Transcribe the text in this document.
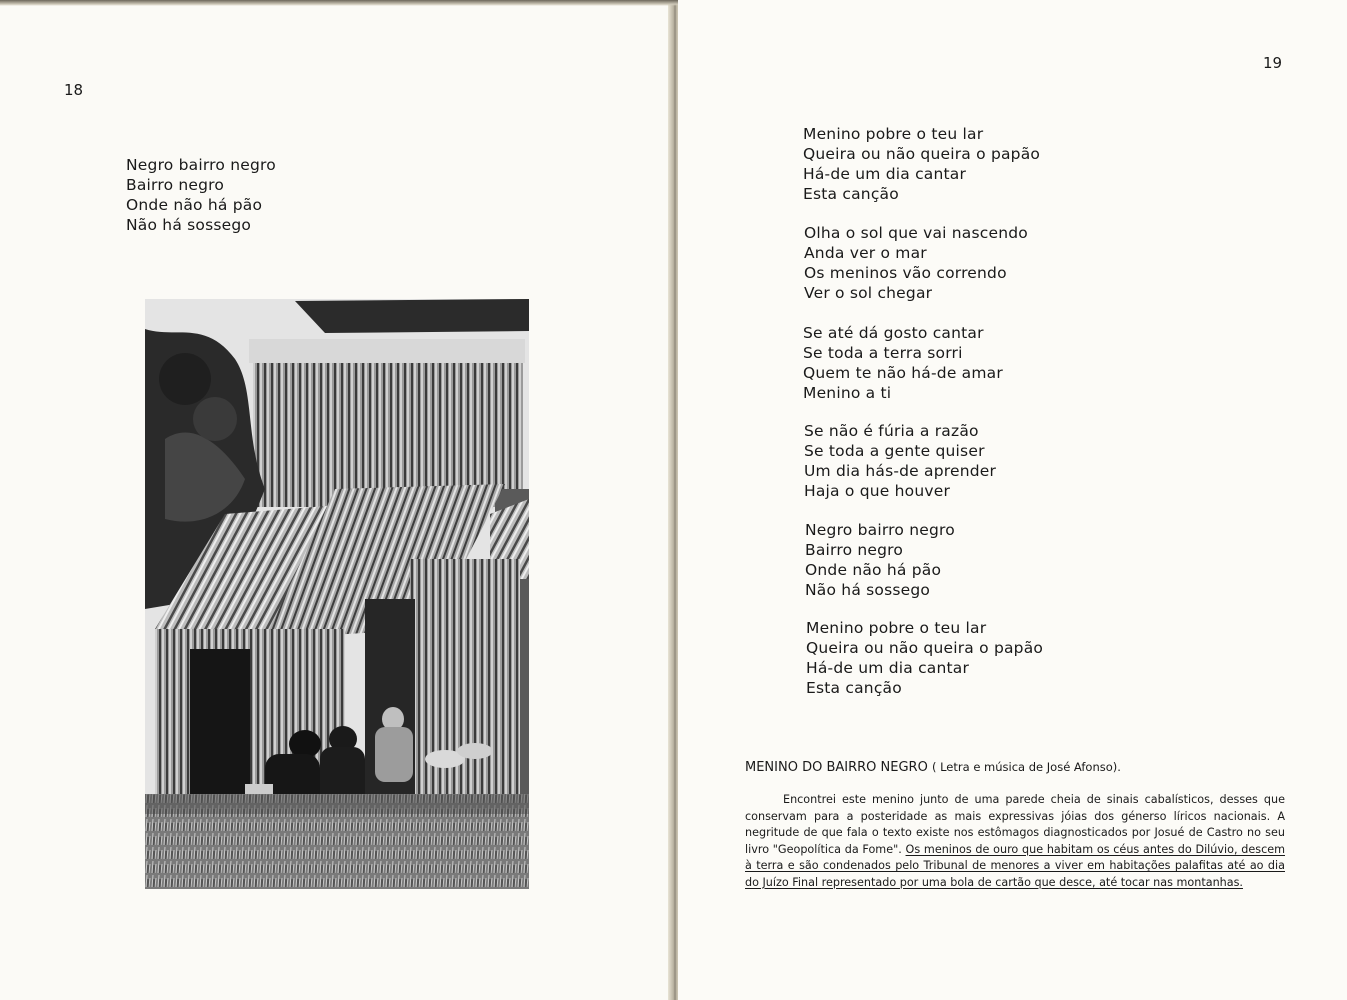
18
Negro bairro negro
Bairro negro
Onde não há pão
Não há sossego
19
Menino pobre o teu lar
Queira ou não queira o papão
Há-de um dia cantar
Esta canção
Olha o sol que vai nascendo
Anda ver o mar
Os meninos vão correndo
Ver o sol chegar
Se até dá gosto cantar
Se toda a terra sorri
Quem te não há-de amar
Menino a ti
Se não é fúria a razão
Se toda a gente quiser
Um dia hás-de aprender
Haja o que houver
Negro bairro negro
Bairro negro
Onde não há pão
Não há sossego
Menino pobre o teu lar
Queira ou não queira o papão
Há-de um dia cantar
Esta canção
MENINO DO BAIRRO NEGRO ( Letra e música de José Afonso).

Encontrei este menino junto de uma parede cheia de sinais cabalísticos, desses que conservam para a posteridade as mais expressivas jóias dos génerso líricos nacionais. A negritude de que fala o texto existe nos estômagos diagnosticados por Josué de Castro no seu livro "Geopolítica da Fome". Os meninos de ouro que habitam os céus antes do Dilúvio, descem à terra e são condenados pelo Tribunal de menores a viver em habitações palafitas até ao dia do Juízo Final representado por uma bola de cartão que desce, até tocar nas montanhas.
